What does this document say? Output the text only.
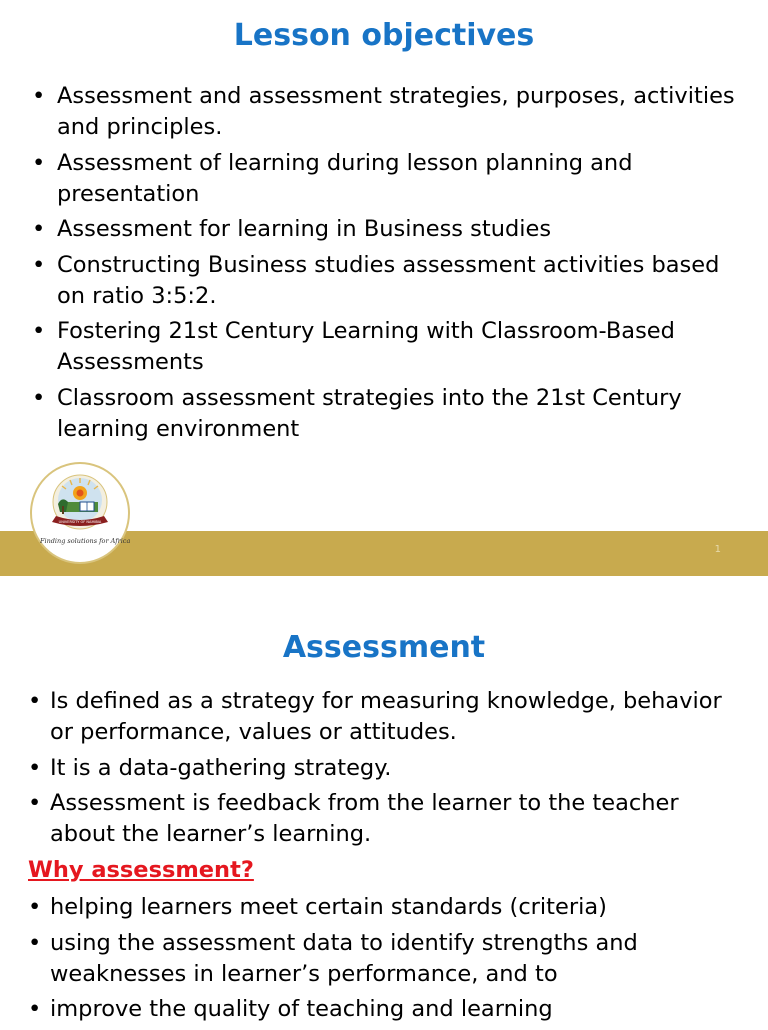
Lesson objectives
• Assessment and assessment strategies, purposes, activities and principles.
• Assessment of learning during lesson planning and presentation
• Assessment for learning in Business studies
• Constructing Business studies assessment activities based on ratio 3:5:2.
• Fostering 21st Century Learning with Classroom-Based Assessments
• Classroom assessment strategies into the 21st Century learning environment
1
UNIVERSITY OF NAMIBIA
Finding solutions for Africa
Assessment
• Is defined as a strategy for measuring knowledge, behavior or performance, values or attitudes.
• It is a data-gathering strategy.
• Assessment is feedback from the learner to the teacher about the learner’s learning.

Why assessment?

• helping learners meet certain standards (criteria)
• using the assessment data to identify strengths and weaknesses in learner’s performance, and to
• improve the quality of teaching and learning
